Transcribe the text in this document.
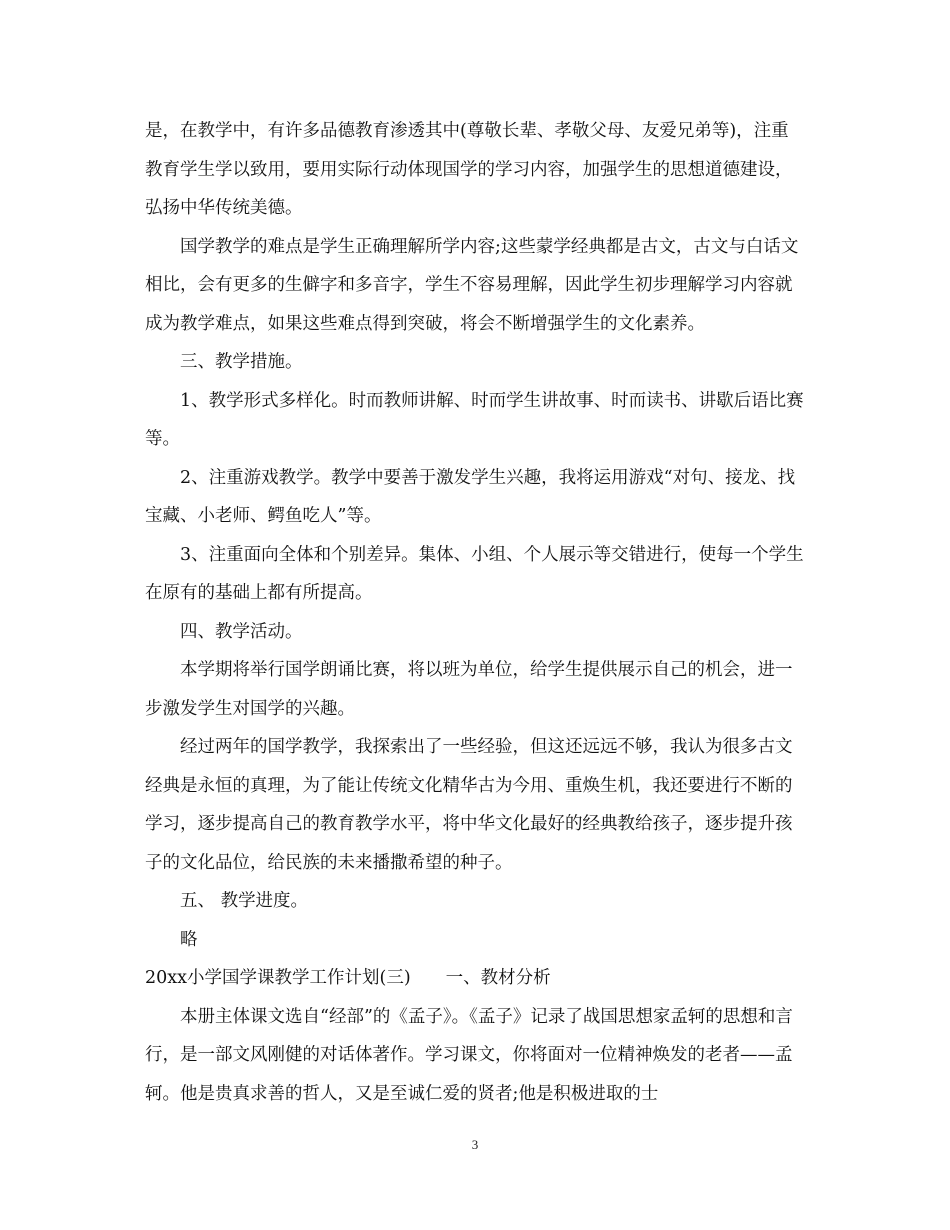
是，在教学中，有许多品德教育渗透其中(尊敬长辈、孝敬父母、友爱兄弟等)，注重教育学生学以致用，要用实际行动体现国学的学习内容，加强学生的思想道德建设，弘扬中华传统美德。

国学教学的难点是学生正确理解所学内容;这些蒙学经典都是古文，古文与白话文相比，会有更多的生僻字和多音字，学生不容易理解，因此学生初步理解学习内容就成为教学难点，如果这些难点得到突破，将会不断增强学生的文化素养。

三、教学措施。

1、教学形式多样化。时而教师讲解、时而学生讲故事、时而读书、讲歇后语比赛等。

2、注重游戏教学。教学中要善于激发学生兴趣，我将运用游戏“对句、接龙、找宝藏、小老师、鳄鱼吃人”等。

3、注重面向全体和个别差异。集体、小组、个人展示等交错进行，使每一个学生在原有的基础上都有所提高。

四、教学活动。

本学期将举行国学朗诵比赛，将以班为单位，给学生提供展示自己的机会，进一步激发学生对国学的兴趣。

经过两年的国学教学，我探索出了一些经验，但这还远远不够，我认为很多古文经典是永恒的真理，为了能让传统文化精华古为今用、重焕生机，我还要进行不断的学习，逐步提高自己的教育教学水平，将中华文化最好的经典教给孩子，逐步提升孩子的文化品位，给民族的未来播撒希望的种子。

五、 教学进度。

略

20xx小学国学课教学工作计划(三)　　一、教材分析

本册主体课文选自“经部”的《孟子》。《孟子》记录了战国思想家孟轲的思想和言行，是一部文风刚健的对话体著作。学习课文，你将面对一位精神焕发的老者——孟轲。他是贵真求善的哲人，又是至诚仁爱的贤者;他是积极进取的士

3
